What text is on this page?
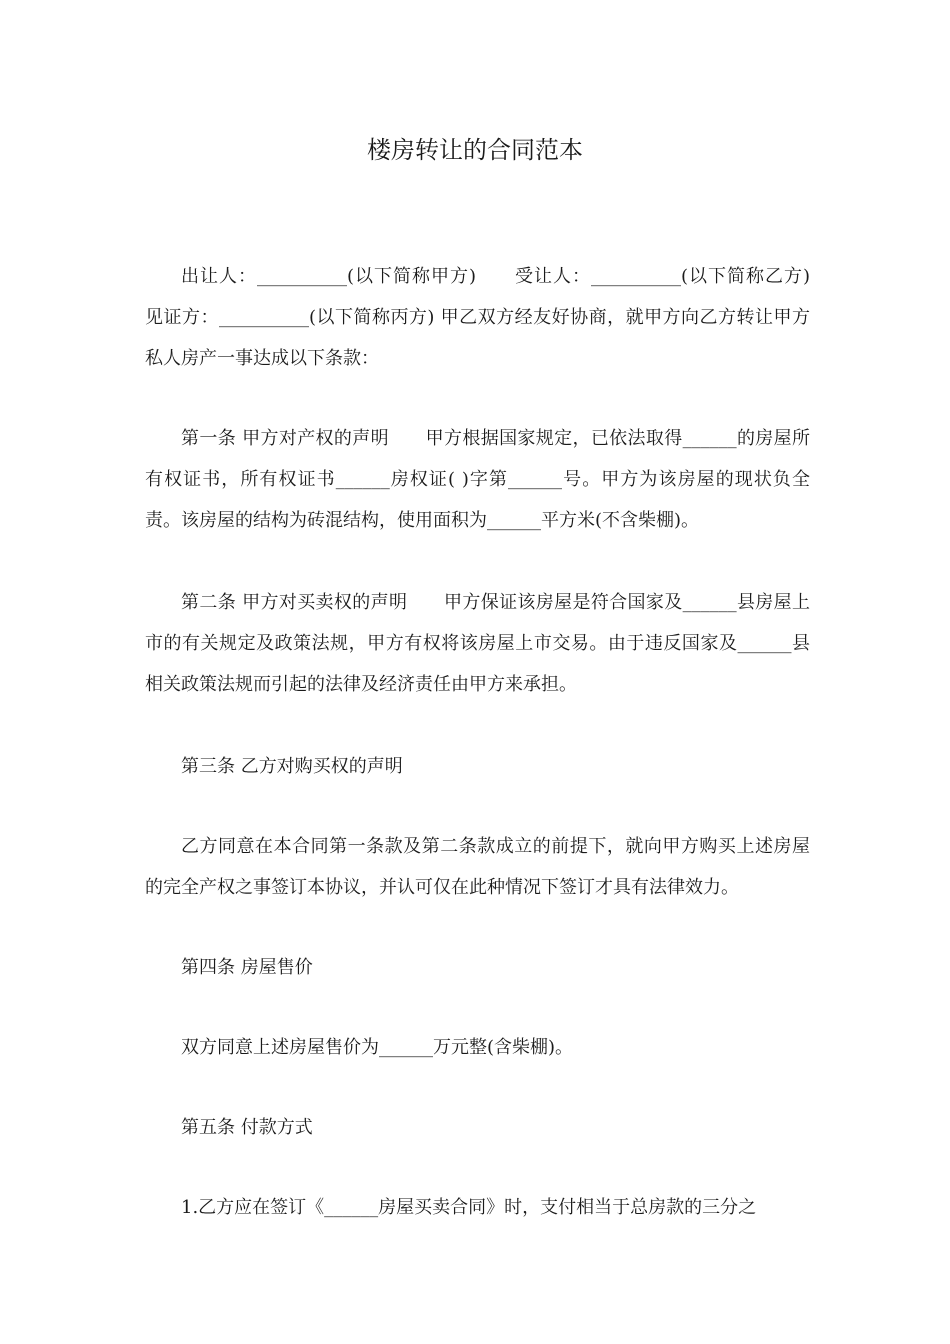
楼房转让的合同范本

出让人：__________(以下简称甲方)　　受让人：__________(以下简称乙方)　　见证方：__________(以下简称丙方) 甲乙双方经友好协商，就甲方向乙方转让甲方私人房产一事达成以下条款：

第一条 甲方对产权的声明　　甲方根据国家规定，已依法取得______的房屋所有权证书，所有权证书______房权证( )字第______号。甲方为该房屋的现状负全责。该房屋的结构为砖混结构，使用面积为______平方米(不含柴棚)。

第二条 甲方对买卖权的声明　　甲方保证该房屋是符合国家及______县房屋上市的有关规定及政策法规，甲方有权将该房屋上市交易。由于违反国家及______县相关政策法规而引起的法律及经济责任由甲方来承担。

第三条 乙方对购买权的声明

乙方同意在本合同第一条款及第二条款成立的前提下，就向甲方购买上述房屋的完全产权之事签订本协议，并认可仅在此种情况下签订才具有法律效力。

第四条 房屋售价

双方同意上述房屋售价为______万元整(含柴棚)。

第五条 付款方式

1.乙方应在签订《______房屋买卖合同》时，支付相当于总房款的三分之
